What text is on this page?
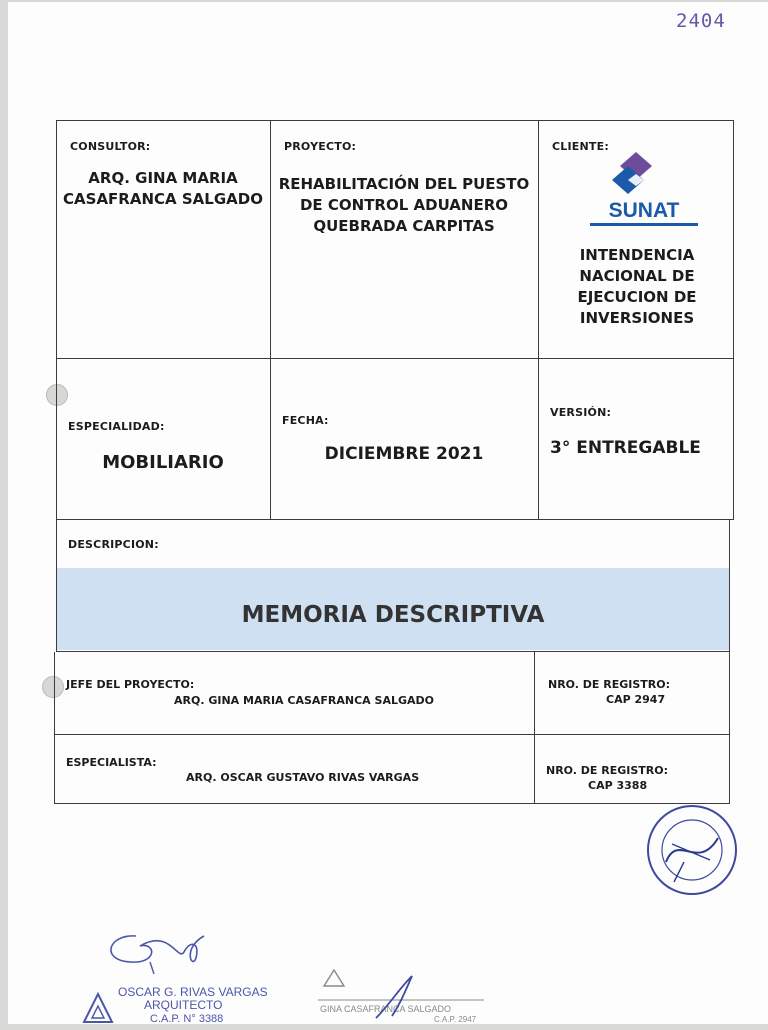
2404
CONSULTOR:
ARQ. GINA MARIA
CASAFRANCA SALGADO
PROYECTO:
REHABILITACIÓN DEL PUESTO
DE CONTROL ADUANERO
QUEBRADA CARPITAS
CLIENTE:
SUNAT
INTENDENCIA
NACIONAL DE
EJECUCION DE
INVERSIONES
ESPECIALIDAD:
MOBILIARIO
FECHA:
DICIEMBRE 2021
VERSIÓN:
3° ENTREGABLE
DESCRIPCION:
MEMORIA DESCRIPTIVA
JEFE DEL PROYECTO:
ARQ. GINA MARIA CASAFRANCA SALGADO
NRO. DE REGISTRO:
CAP 2947
ESPECIALISTA:
ARQ. OSCAR GUSTAVO RIVAS VARGAS
NRO. DE REGISTRO:
CAP 3388
OSCAR G. RIVAS VARGAS
ARQUITECTO
C.A.P. N° 3388
GINA CASAFRANCA SALGADO
C.A.P. 2947
